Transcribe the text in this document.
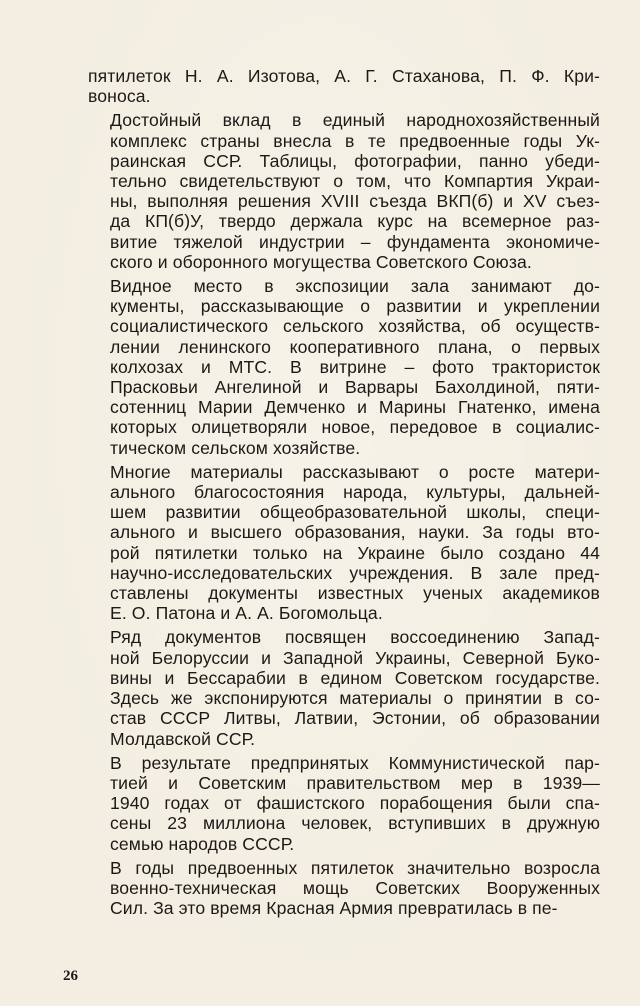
пятилеток Н. А. Изотова, А. Г. Стаханова, П. Ф. Кри-
воноса.

Достойный вклад в единый народнохозяйственный
комплекс страны внесла в те предвоенные годы Ук-
раинская ССР. Таблицы, фотографии, панно убеди-
тельно свидетельствуют о том, что Компартия Украи-
ны, выполняя решения XVIII съезда ВКП(б) и XV съез-
да КП(б)У, твердо держала курс на всемерное раз-
витие тяжелой индустрии – фундамента экономиче-
ского и оборонного могущества Советского Союза.

Видное место в экспозиции зала занимают до-
кументы, рассказывающие о развитии и укреплении
социалистического сельского хозяйства, об осуществ-
лении ленинского кооперативного плана, о первых
колхозах и МТС. В витрине – фото трактористок
Прасковьи Ангелиной и Варвары Бахолдиной, пяти-
сотенниц Марии Демченко и Марины Гнатенко, имена
которых олицетворяли новое, передовое в социалис-
тическом сельском хозяйстве.

Многие материалы рассказывают о росте матери-
ального благосостояния народа, культуры, дальней-
шем развитии общеобразовательной школы, специ-
ального и высшего образования, науки. За годы вто-
рой пятилетки только на Украине было создано 44
научно-исследовательских учреждения. В зале пред-
ставлены документы известных ученых академиков
Е. О. Патона и А. А. Богомольца.

Ряд документов посвящен воссоединению Запад-
ной Белоруссии и Западной Украины, Северной Буко-
вины и Бессарабии в едином Советском государстве.
Здесь же экспонируются материалы о принятии в со-
став СССР Литвы, Латвии, Эстонии, об образовании
Молдавской ССР.

В результате предпринятых Коммунистической пар-
тией и Советским правительством мер в 1939—
1940 годах от фашистского порабощения были спа-
сены 23 миллиона человек, вступивших в дружную
семью народов СССР.

В годы предвоенных пятилеток значительно возросла
военно-техническая мощь Советских Вооруженных
Сил. За это время Красная Армия превратилась в пе-

26
